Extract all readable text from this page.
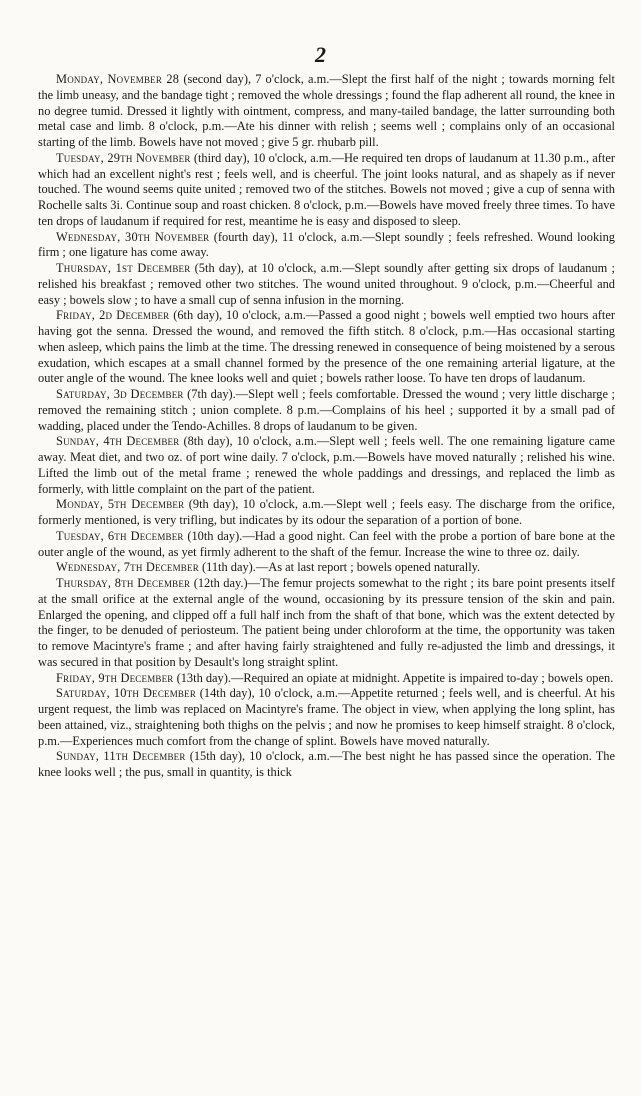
2

Monday, November 28 (second day), 7 o'clock, a.m.—Slept the first half of the night ; towards morning felt the limb uneasy, and the bandage tight ; removed the whole dressings ; found the flap adherent all round, the knee in no degree tumid. Dressed it lightly with ointment, compress, and many-tailed bandage, the latter surrounding both metal case and limb. 8 o'clock, p.m.—Ate his dinner with relish ; seems well ; complains only of an occasional starting of the limb. Bowels have not moved ; give 5 gr. rhubarb pill.

Tuesday, 29th November (third day), 10 o'clock, a.m.—He required ten drops of laudanum at 11.30 p.m., after which had an excellent night's rest ; feels well, and is cheerful. The joint looks natural, and as shapely as if never touched. The wound seems quite united ; removed two of the stitches. Bowels not moved ; give a cup of senna with Rochelle salts 3i. Continue soup and roast chicken. 8 o'clock, p.m.—Bowels have moved freely three times. To have ten drops of laudanum if required for rest, meantime he is easy and disposed to sleep.

Wednesday, 30th November (fourth day), 11 o'clock, a.m.—Slept soundly ; feels refreshed. Wound looking firm ; one ligature has come away.

Thursday, 1st December (5th day), at 10 o'clock, a.m.—Slept soundly after getting six drops of laudanum ; relished his breakfast ; removed other two stitches. The wound united throughout. 9 o'clock, p.m.—Cheerful and easy ; bowels slow ; to have a small cup of senna infusion in the morning.

Friday, 2d December (6th day), 10 o'clock, a.m.—Passed a good night ; bowels well emptied two hours after having got the senna. Dressed the wound, and removed the fifth stitch. 8 o'clock, p.m.—Has occasional starting when asleep, which pains the limb at the time. The dressing renewed in consequence of being moistened by a serous exudation, which escapes at a small channel formed by the presence of the one remaining arterial ligature, at the outer angle of the wound. The knee looks well and quiet ; bowels rather loose. To have ten drops of laudanum.

Saturday, 3d December (7th day).—Slept well ; feels comfortable. Dressed the wound ; very little discharge ; removed the remaining stitch ; union complete. 8 p.m.—Complains of his heel ; supported it by a small pad of wadding, placed under the Tendo-Achilles. 8 drops of laudanum to be given.

Sunday, 4th December (8th day), 10 o'clock, a.m.—Slept well ; feels well. The one remaining ligature came away. Meat diet, and two oz. of port wine daily. 7 o'clock, p.m.—Bowels have moved naturally ; relished his wine. Lifted the limb out of the metal frame ; renewed the whole paddings and dressings, and replaced the limb as formerly, with little complaint on the part of the patient.

Monday, 5th December (9th day), 10 o'clock, a.m.—Slept well ; feels easy. The discharge from the orifice, formerly mentioned, is very trifling, but indicates by its odour the separation of a portion of bone.

Tuesday, 6th December (10th day).—Had a good night. Can feel with the probe a portion of bare bone at the outer angle of the wound, as yet firmly adherent to the shaft of the femur. Increase the wine to three oz. daily.

Wednesday, 7th December (11th day).—As at last report ; bowels opened naturally.

Thursday, 8th December (12th day.)—The femur projects somewhat to the right ; its bare point presents itself at the small orifice at the external angle of the wound, occasioning by its pressure tension of the skin and pain. Enlarged the opening, and clipped off a full half inch from the shaft of that bone, which was the extent detected by the finger, to be denuded of periosteum. The patient being under chloroform at the time, the opportunity was taken to remove Macintyre's frame ; and after having fairly straightened and fully re-adjusted the limb and dressings, it was secured in that position by Desault's long straight splint.

Friday, 9th December (13th day).—Required an opiate at midnight. Appetite is impaired to-day ; bowels open.

Saturday, 10th December (14th day), 10 o'clock, a.m.—Appetite returned ; feels well, and is cheerful. At his urgent request, the limb was replaced on Macintyre's frame. The object in view, when applying the long splint, has been attained, viz., straightening both thighs on the pelvis ; and now he promises to keep himself straight. 8 o'clock, p.m.—Experiences much comfort from the change of splint. Bowels have moved naturally.

Sunday, 11th December (15th day), 10 o'clock, a.m.—The best night he has passed since the operation. The knee looks well ; the pus, small in quantity, is thick
